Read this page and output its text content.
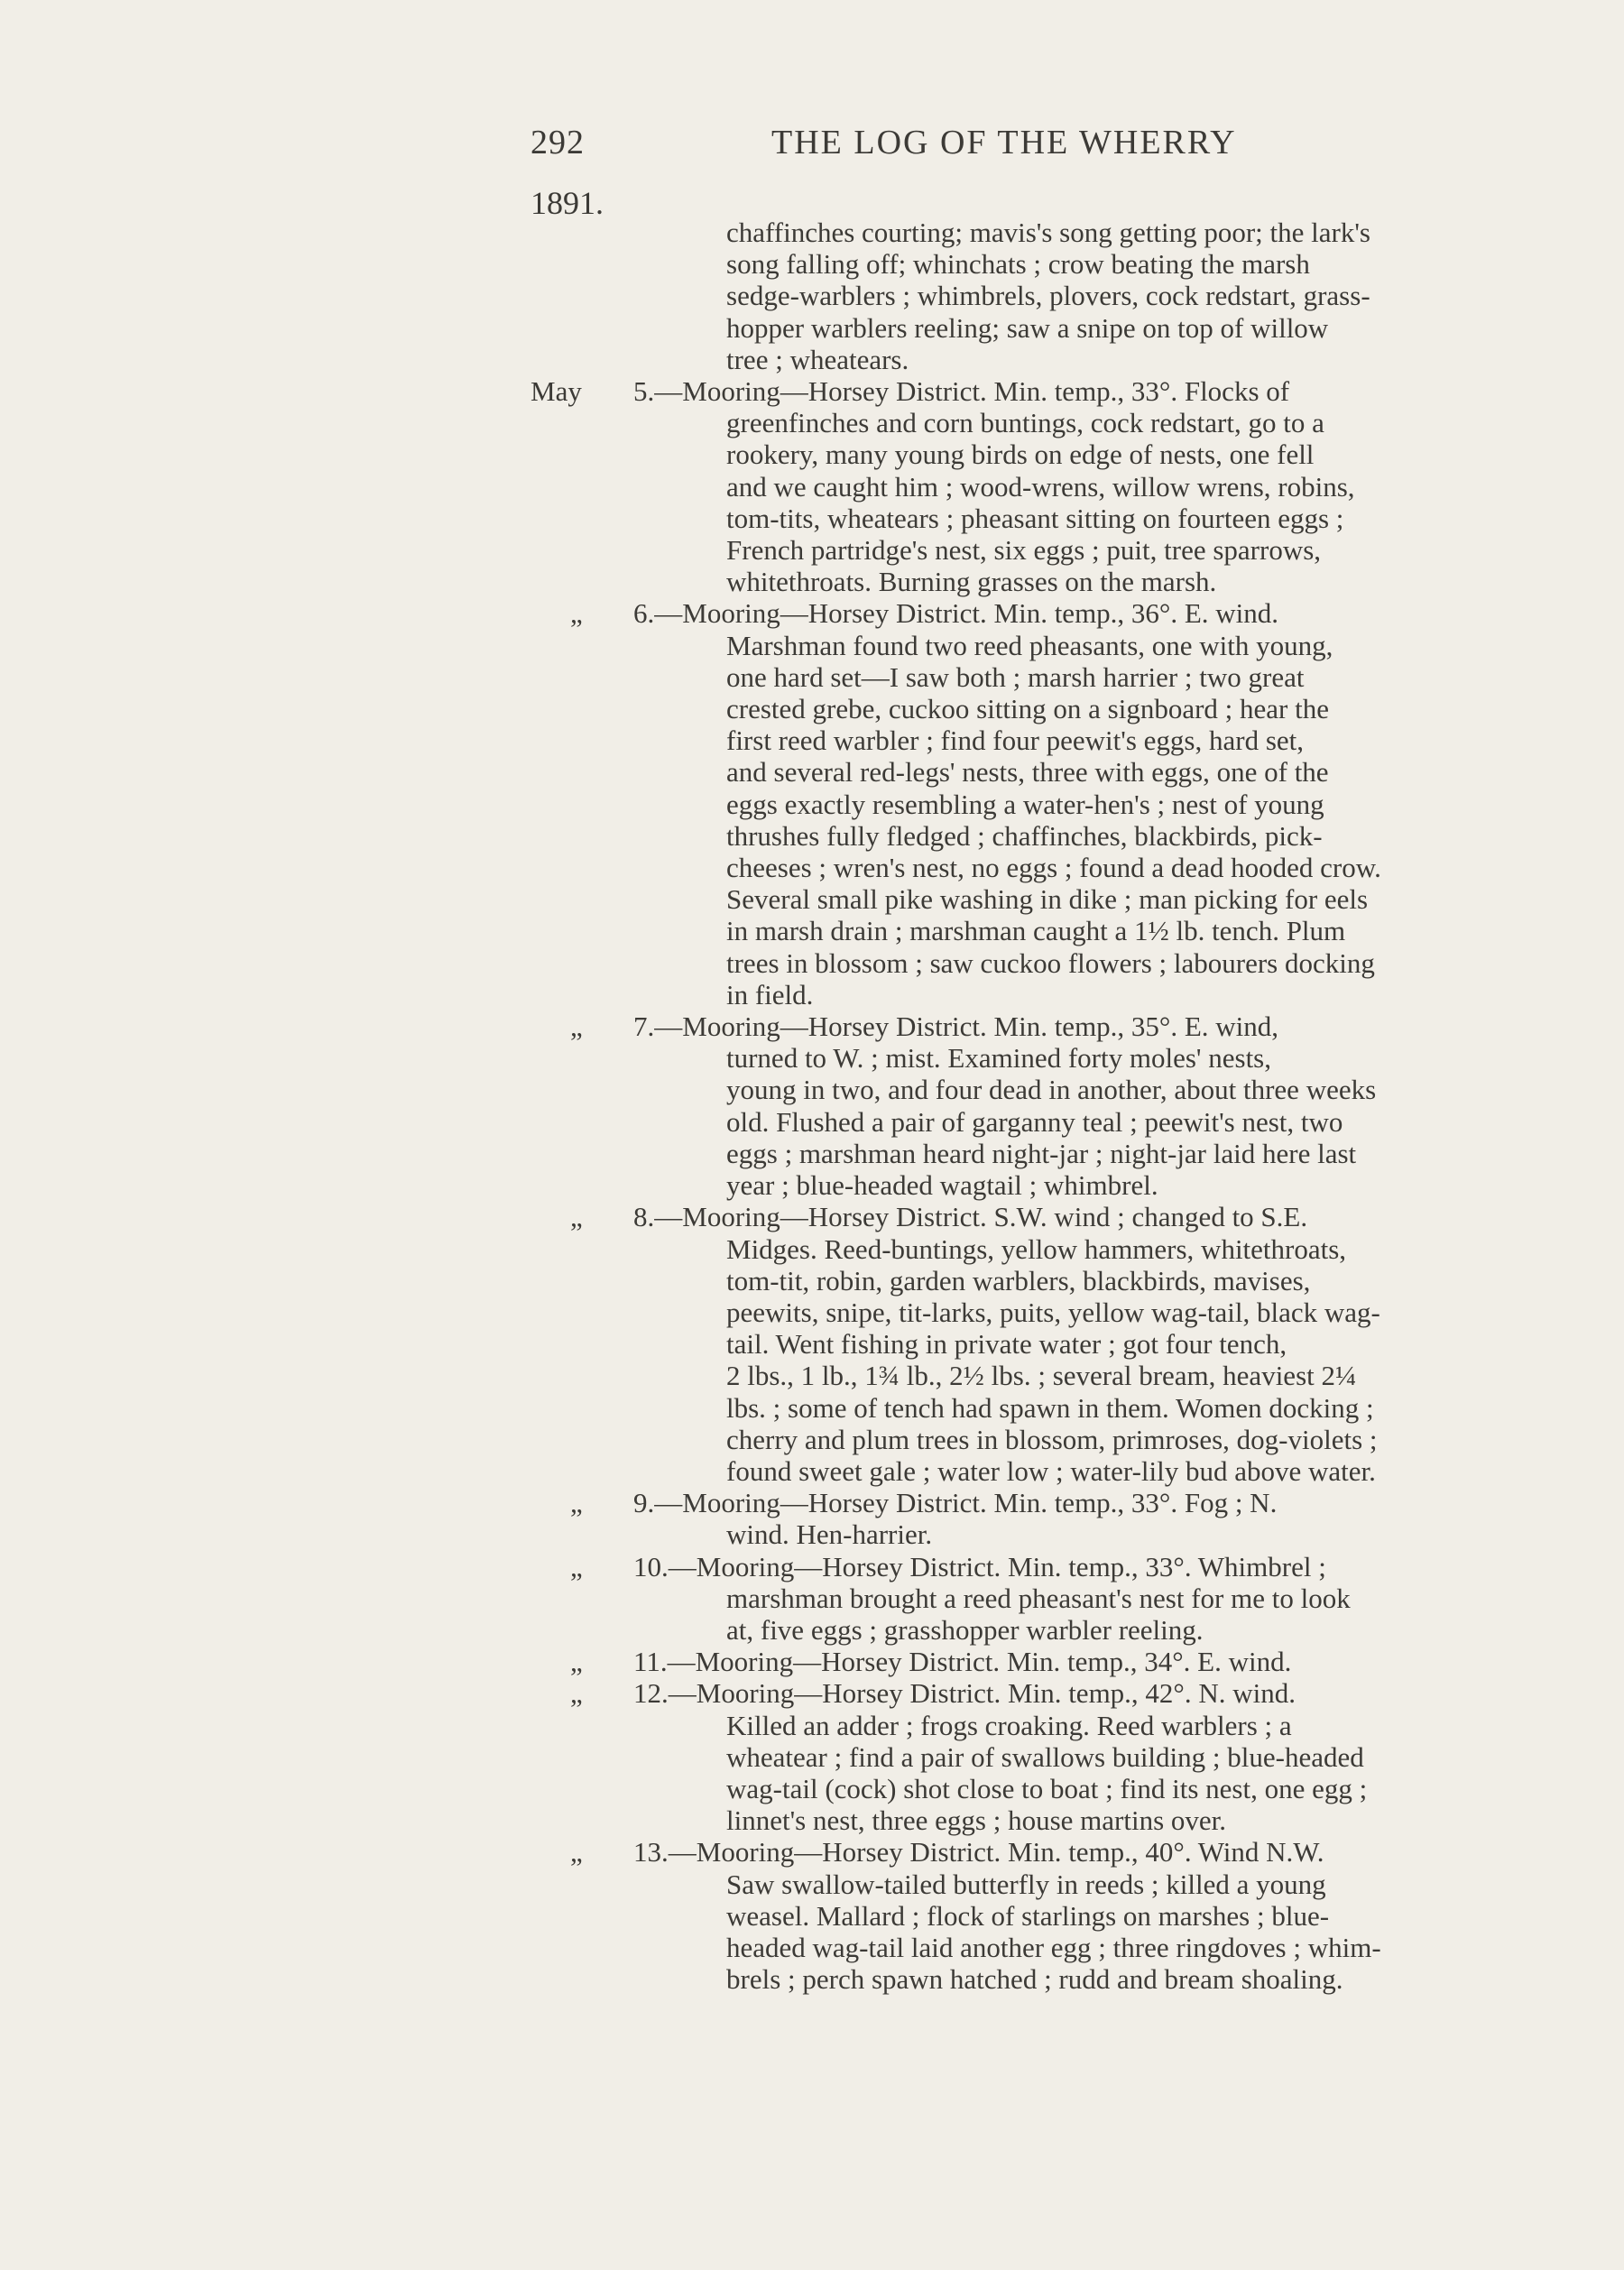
292	THE LOG OF THE WHERRY
1891.
chaffinches courting; mavis's song getting poor; the lark's
song falling off; whinchats ; crow beating the marsh
sedge-warblers ; whimbrels, plovers, cock redstart, grass-
hopper warblers reeling; saw a snipe on top of willow
tree ; wheatears.
May	5.—Mooring—Horsey District. Min. temp., 33°. Flocks of
greenfinches and corn buntings, cock redstart, go to a
rookery, many young birds on edge of nests, one fell
and we caught him ; wood-wrens, willow wrens, robins,
tom-tits, wheatears ; pheasant sitting on fourteen eggs ;
French partridge's nest, six eggs ; puit, tree sparrows,
whitethroats. Burning grasses on the marsh.
„	6.—Mooring—Horsey District. Min. temp., 36°. E. wind.
Marshman found two reed pheasants, one with young,
one hard set—I saw both ; marsh harrier ; two great
crested grebe, cuckoo sitting on a signboard ; hear the
first reed warbler ; find four peewit's eggs, hard set,
and several red-legs' nests, three with eggs, one of the
eggs exactly resembling a water-hen's ; nest of young
thrushes fully fledged ; chaffinches, blackbirds, pick-
cheeses ; wren's nest, no eggs ; found a dead hooded crow.
Several small pike washing in dike ; man picking for eels
in marsh drain ; marshman caught a 1½ lb. tench. Plum
trees in blossom ; saw cuckoo flowers ; labourers docking
in field.
„	7.—Mooring—Horsey District. Min. temp., 35°. E. wind,
turned to W. ; mist. Examined forty moles' nests,
young in two, and four dead in another, about three weeks
old. Flushed a pair of garganny teal ; peewit's nest, two
eggs ; marshman heard night-jar ; night-jar laid here last
year ; blue-headed wagtail ; whimbrel.
„	8.—Mooring—Horsey District. S.W. wind ; changed to S.E.
Midges. Reed-buntings, yellow hammers, whitethroats,
tom-tit, robin, garden warblers, blackbirds, mavises,
peewits, snipe, tit-larks, puits, yellow wag-tail, black wag-
tail. Went fishing in private water ; got four tench,
2 lbs., 1 lb., 1¾ lb., 2½ lbs. ; several bream, heaviest 2¼
lbs. ; some of tench had spawn in them. Women docking ;
cherry and plum trees in blossom, primroses, dog-violets ;
found sweet gale ; water low ; water-lily bud above water.
„	9.—Mooring—Horsey District. Min. temp., 33°. Fog ; N.
wind. Hen-harrier.
„	10.—Mooring—Horsey District. Min. temp., 33°. Whimbrel ;
marshman brought a reed pheasant's nest for me to look
at, five eggs ; grasshopper warbler reeling.
„	11.—Mooring—Horsey District. Min. temp., 34°. E. wind.
„	12.—Mooring—Horsey District. Min. temp., 42°. N. wind.
Killed an adder ; frogs croaking. Reed warblers ; a
wheatear ; find a pair of swallows building ; blue-headed
wag-tail (cock) shot close to boat ; find its nest, one egg ;
linnet's nest, three eggs ; house martins over.
„	13.—Mooring—Horsey District. Min. temp., 40°. Wind N.W.
Saw swallow-tailed butterfly in reeds ; killed a young
weasel. Mallard ; flock of starlings on marshes ; blue-
headed wag-tail laid another egg ; three ringdoves ; whim-
brels ; perch spawn hatched ; rudd and bream shoaling.
